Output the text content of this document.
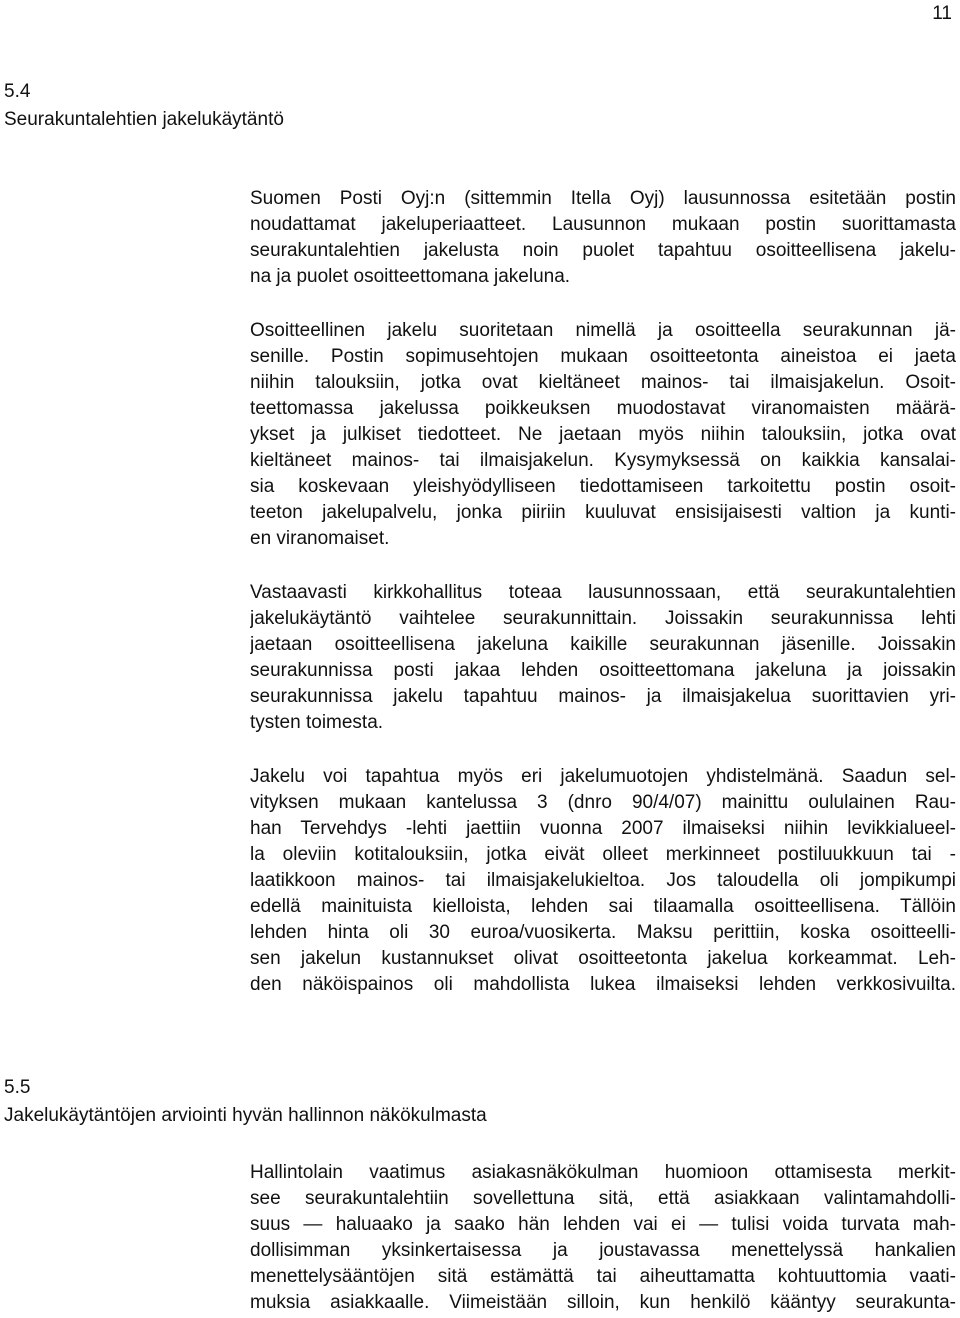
11
5.4
Seurakuntalehtien jakelukäytäntö
Suomen Posti Oyj:n (sittemmin Itella Oyj) lausunnossa esitetään postin
noudattamat jakeluperiaatteet. Lausunnon mukaan postin suorittamasta
seurakuntalehtien jakelusta noin puolet tapahtuu osoitteellisena jakelu-
na ja puolet osoitteettomana jakeluna.
Osoitteellinen jakelu suoritetaan nimellä ja osoitteella seurakunnan jä-
senille. Postin sopimusehtojen mukaan osoitteetonta aineistoa ei jaeta
niihin talouksiin, jotka ovat kieltäneet mainos- tai ilmaisjakelun. Osoit-
teettomassa jakelussa poikkeuksen muodostavat viranomaisten määrä-
ykset ja julkiset tiedotteet. Ne jaetaan myös niihin talouksiin, jotka ovat
kieltäneet mainos- tai ilmaisjakelun. Kysymyksessä on kaikkia kansalai-
sia koskevaan yleishyödylliseen tiedottamiseen tarkoitettu postin osoit-
teeton jakelupalvelu, jonka piiriin kuuluvat ensisijaisesti valtion ja kunti-
en viranomaiset.
Vastaavasti kirkkohallitus toteaa lausunnossaan, että seurakuntalehtien
jakelukäytäntö vaihtelee seurakunnittain. Joissakin seurakunnissa lehti
jaetaan osoitteellisena jakeluna kaikille seurakunnan jäsenille. Joissakin
seurakunnissa posti jakaa lehden osoitteettomana jakeluna ja joissakin
seurakunnissa jakelu tapahtuu mainos- ja ilmaisjakelua suorittavien yri-
tysten toimesta.
Jakelu voi tapahtua myös eri jakelumuotojen yhdistelmänä. Saadun sel-
vityksen mukaan kantelussa 3 (dnro 90/4/07) mainittu oululainen Rau-
han Tervehdys -lehti jaettiin vuonna 2007 ilmaiseksi niihin levikkialueel-
la oleviin kotitalouksiin, jotka eivät olleet merkinneet postiluukkuun tai -
laatikkoon mainos- tai ilmaisjakelukieltoa. Jos taloudella oli jompikumpi
edellä mainituista kielloista, lehden sai tilaamalla osoitteellisena. Tällöin
lehden hinta oli 30 euroa/vuosikerta. Maksu perittiin, koska osoitteelli-
sen jakelun kustannukset olivat osoitteetonta jakelua korkeammat. Leh-
den näköispainos oli mahdollista lukea ilmaiseksi lehden verkkosivuilta.
5.5
Jakelukäytäntöjen arviointi hyvän hallinnon näkökulmasta
Hallintolain vaatimus asiakasnäkökulman huomioon ottamisesta merkit-
see seurakuntalehtiin sovellettuna sitä, että asiakkaan valintamahdolli-
suus — haluaako ja saako hän lehden vai ei — tulisi voida turvata mah-
dollisimman yksinkertaisessa ja joustavassa menettelyssä hankalien
menettelysääntöjen sitä estämättä tai aiheuttamatta kohtuuttomia vaati-
muksia asiakkaalle. Viimeistään silloin, kun henkilö kääntyy seurakunta-
